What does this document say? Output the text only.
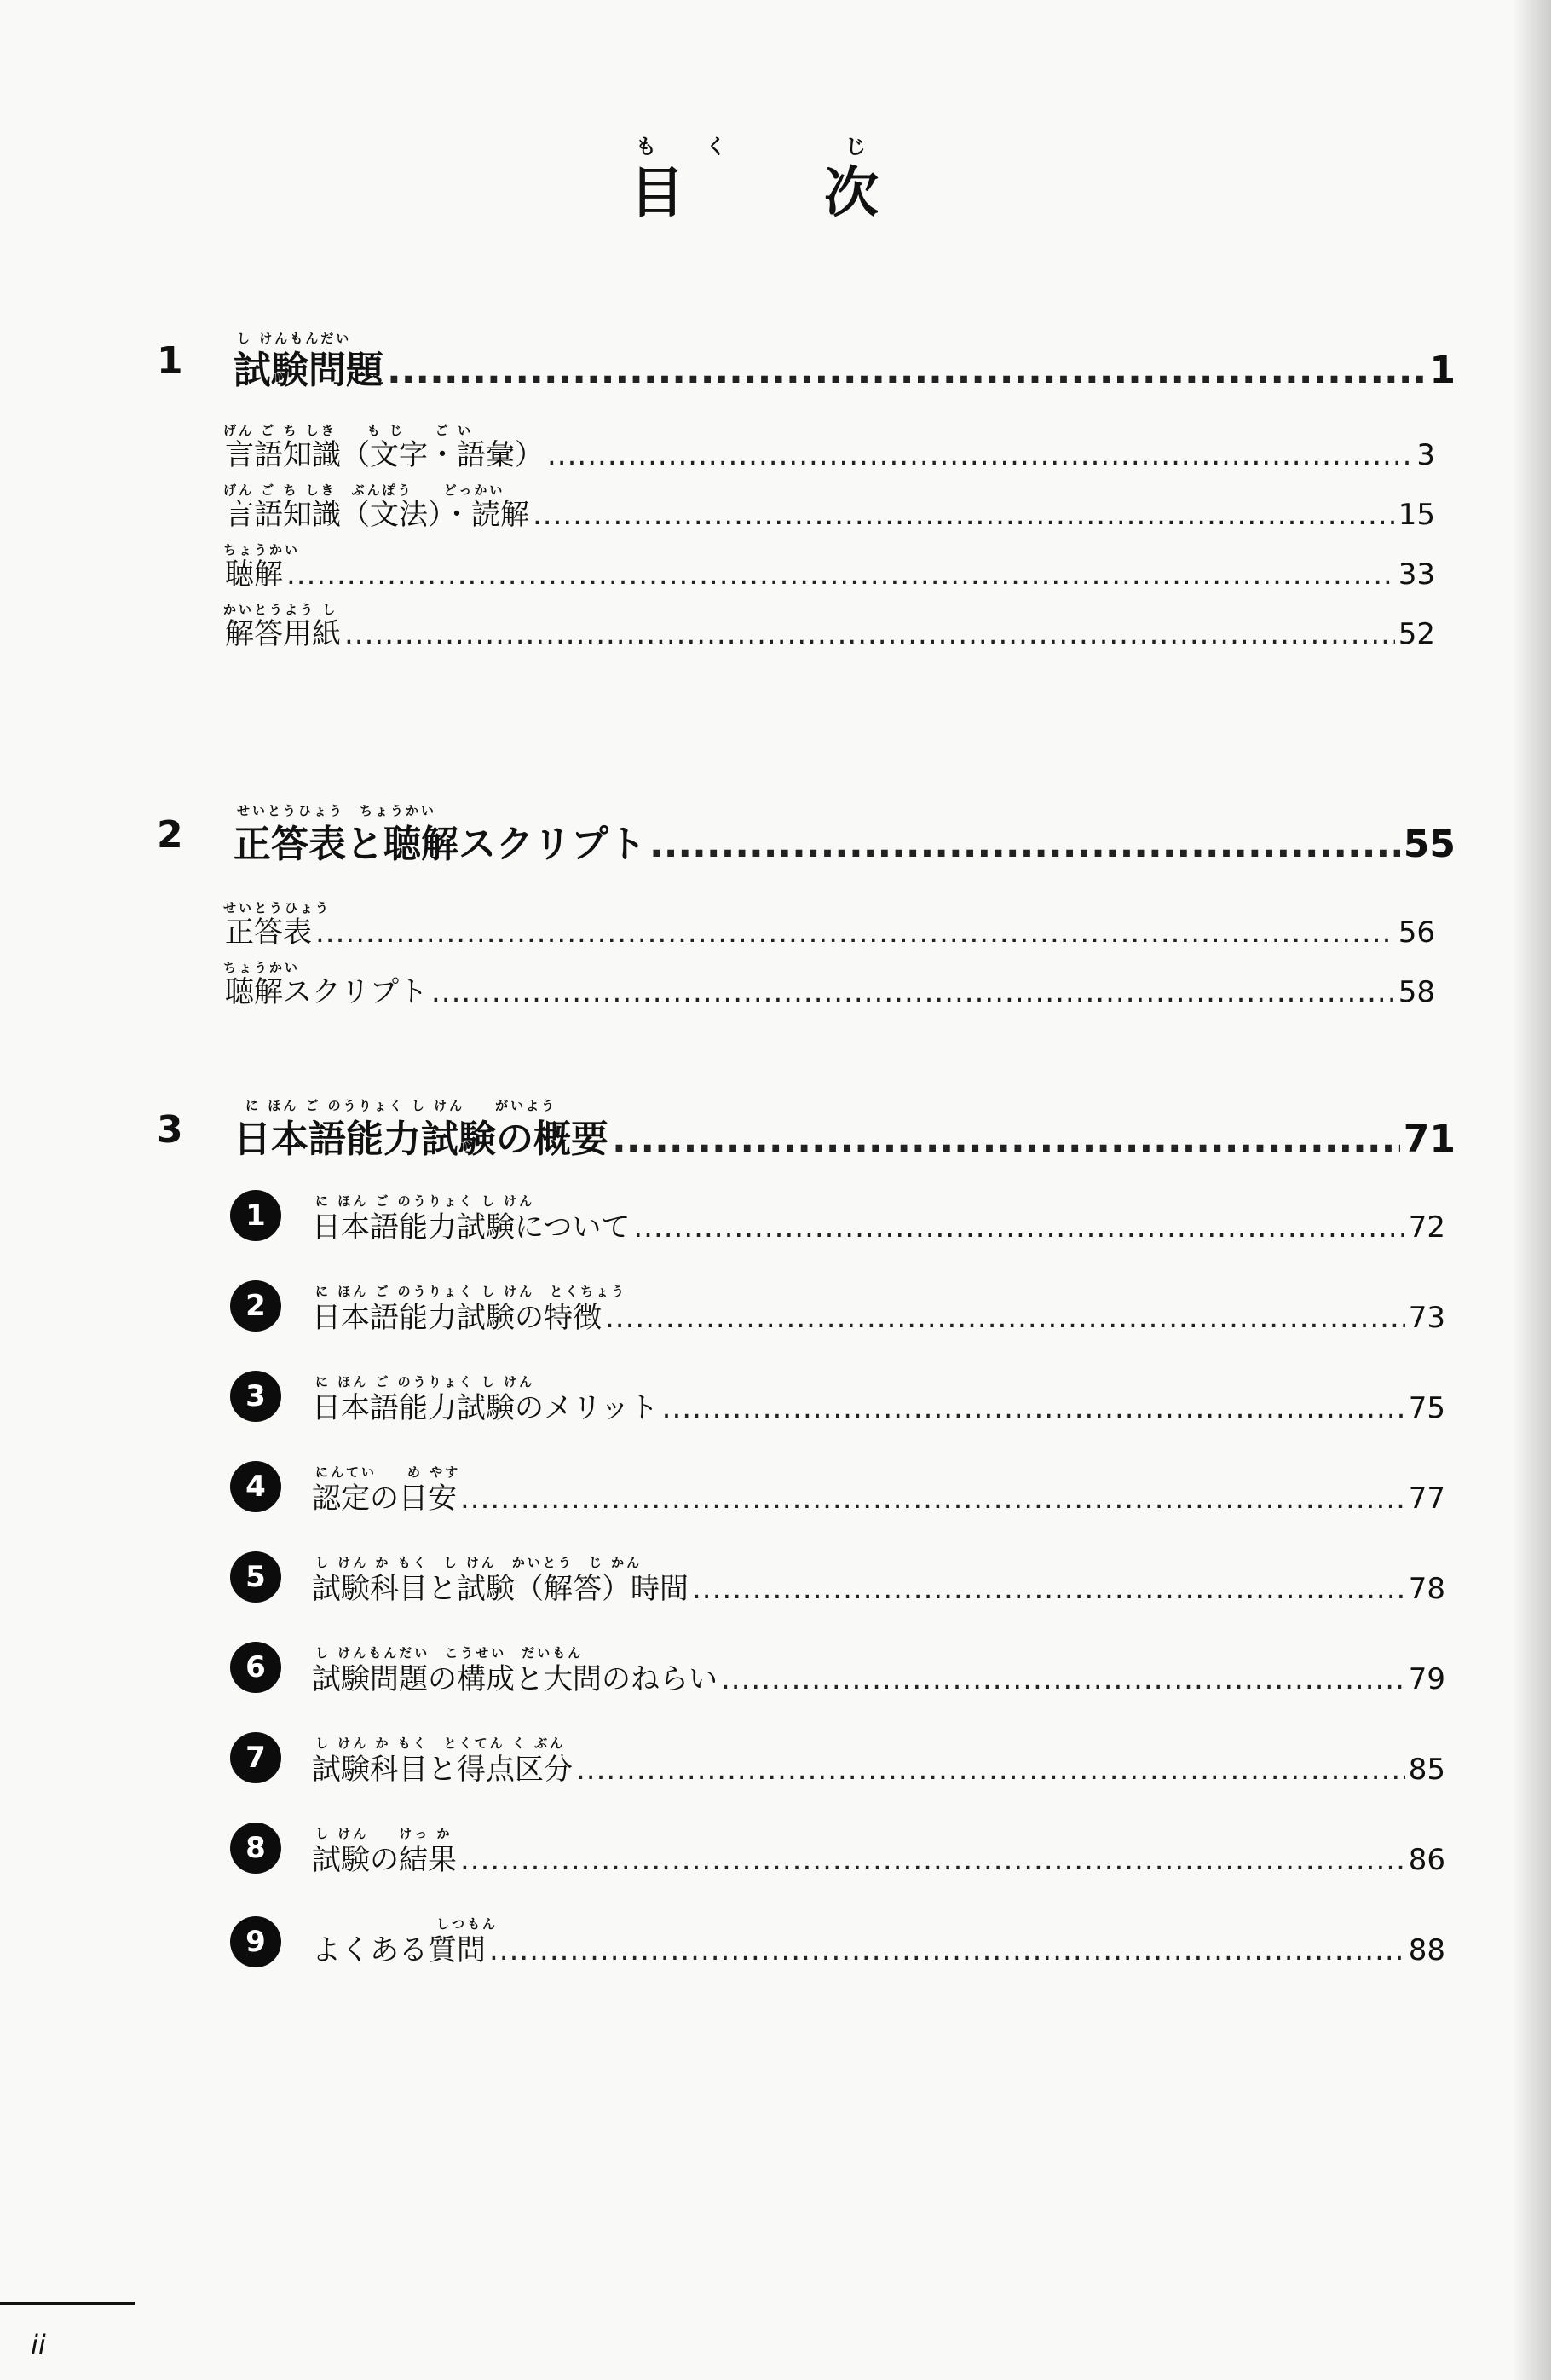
もく　じ
目　次
し けんもんだい
1	試験問題 .....	1
げん ご ち しき　　も じ　　ご い
言語知識（文字・語彙） .....	3
げん ご ち しき　ぶんぽう　　どっかい
言語知識（文法）・読解 .....	15
ちょうかい
聴解 .....	33
かいとうよう し
解答用紙 .....	52
せいとうひょう　ちょうかい
2	正答表と聴解スクリプト .....	55
せいとうひょう
正答表 .....	56
ちょうかい
聴解スクリプト .....	58
に ほん ご のうりょく し けん　　がいよう
3	日本語能力試験の概要 .....	71
1	に ほん ご のうりょく し けん
日本語能力試験について .....	72
2	に ほん ご のうりょく し けん　とくちょう
日本語能力試験の特徴 .....	73
3	に ほん ご のうりょく し けん
日本語能力試験のメリット .....	75
4	にんてい　　め やす
認定の目安 .....	77
5	し けん か もく　し けん　かいとう　じ かん
試験科目と試験（解答）時間 .....	78
6	し けんもんだい　こうせい　だいもん
試験問題の構成と大問のねらい .....	79
7	し けん か もく　とくてん く ぶん
試験科目と得点区分 .....	85
8	し けん　　けっ か
試験の結果 .....	86
9
しつもん
よくある質問 .....	88
ii
